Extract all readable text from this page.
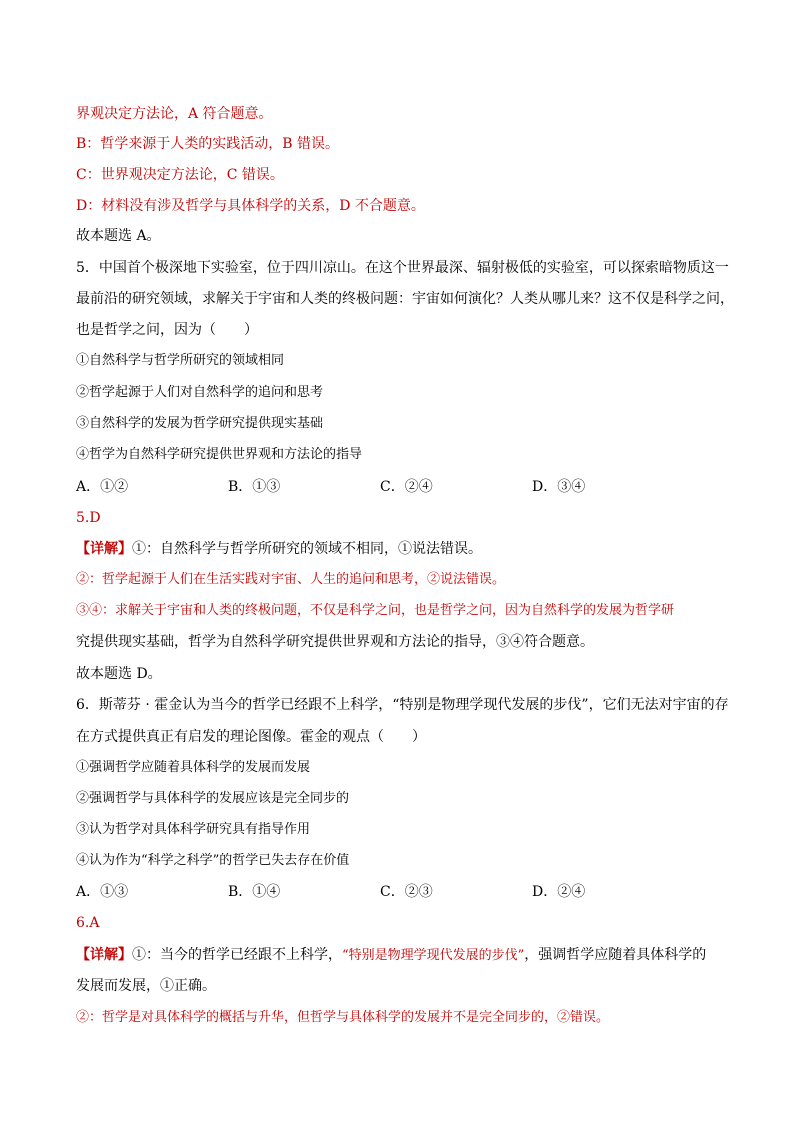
界观决定方法论，A 符合题意。
B：哲学来源于人类的实践活动，B 错误。
C：世界观决定方法论，C 错误。
D：材料没有涉及哲学与具体科学的关系，D 不合题意。
故本题选 A。
5．中国首个极深地下实验室，位于四川凉山。在这个世界最深、辐射极低的实验室，可以探索暗物质这一
最前沿的研究领域，求解关于宇宙和人类的终极问题：宇宙如何演化？人类从哪儿来？这不仅是科学之问，
也是哲学之问，因为（　　）
①自然科学与哲学所研究的领域相同
②哲学起源于人们对自然科学的追问和思考
③自然科学的发展为哲学研究提供现实基础
④哲学为自然科学研究提供世界观和方法论的指导
A．①②	B．①③	C．②④	D．③④
5.D
【详解】①：自然科学与哲学所研究的领域不相同，①说法错误。
②：哲学起源于人们在生活实践对宇宙、人生的追问和思考，②说法错误。
③④：求解关于宇宙和人类的终极问题，不仅是科学之问，也是哲学之问，因为自然科学的发展为哲学研
究提供现实基础，哲学为自然科学研究提供世界观和方法论的指导，③④符合题意。
故本题选 D。
6．斯蒂芬 · 霍金认为当今的哲学已经跟不上科学，“特别是物理学现代发展的步伐”，它们无法对宇宙的存
在方式提供真正有启发的理论图像。霍金的观点（　　）
①强调哲学应随着具体科学的发展而发展
②强调哲学与具体科学的发展应该是完全同步的
③认为哲学对具体科学研究具有指导作用
④认为作为“科学之科学”的哲学已失去存在价值
A．①③	B．①④	C．②③	D．②④
6.A
【详解】①：当今的哲学已经跟不上科学，“特别是物理学现代发展的步伐”，强调哲学应随着具体科学的
发展而发展，①正确。
②：哲学是对具体科学的概括与升华，但哲学与具体科学的发展并不是完全同步的，②错误。
